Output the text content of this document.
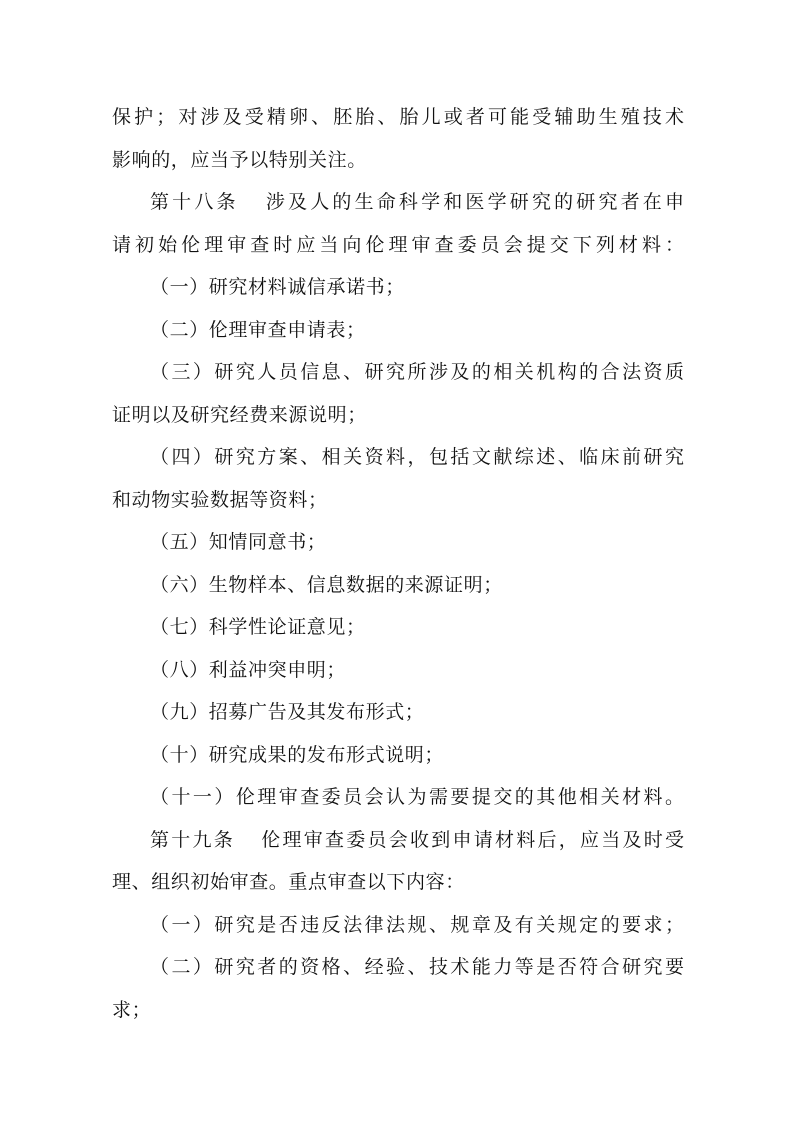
保护；对涉及受精卵、胚胎、胎儿或者可能受辅助生殖技术
影响的，应当予以特别关注。
第十八条 涉及人的生命科学和医学研究的研究者在申
请初始伦理审查时应当向伦理审查委员会提交下列材料：
（一）研究材料诚信承诺书；
（二）伦理审查申请表；
（三）研究人员信息、研究所涉及的相关机构的合法资质
证明以及研究经费来源说明；
（四）研究方案、相关资料，包括文献综述、临床前研究
和动物实验数据等资料；
（五）知情同意书；
（六）生物样本、信息数据的来源证明；
（七）科学性论证意见；
（八）利益冲突申明；
（九）招募广告及其发布形式；
（十）研究成果的发布形式说明；
（十一）伦理审查委员会认为需要提交的其他相关材料。
第十九条 伦理审查委员会收到申请材料后，应当及时受
理、组织初始审查。重点审查以下内容：
（一）研究是否违反法律法规、规章及有关规定的要求；
（二）研究者的资格、经验、技术能力等是否符合研究要
求；
